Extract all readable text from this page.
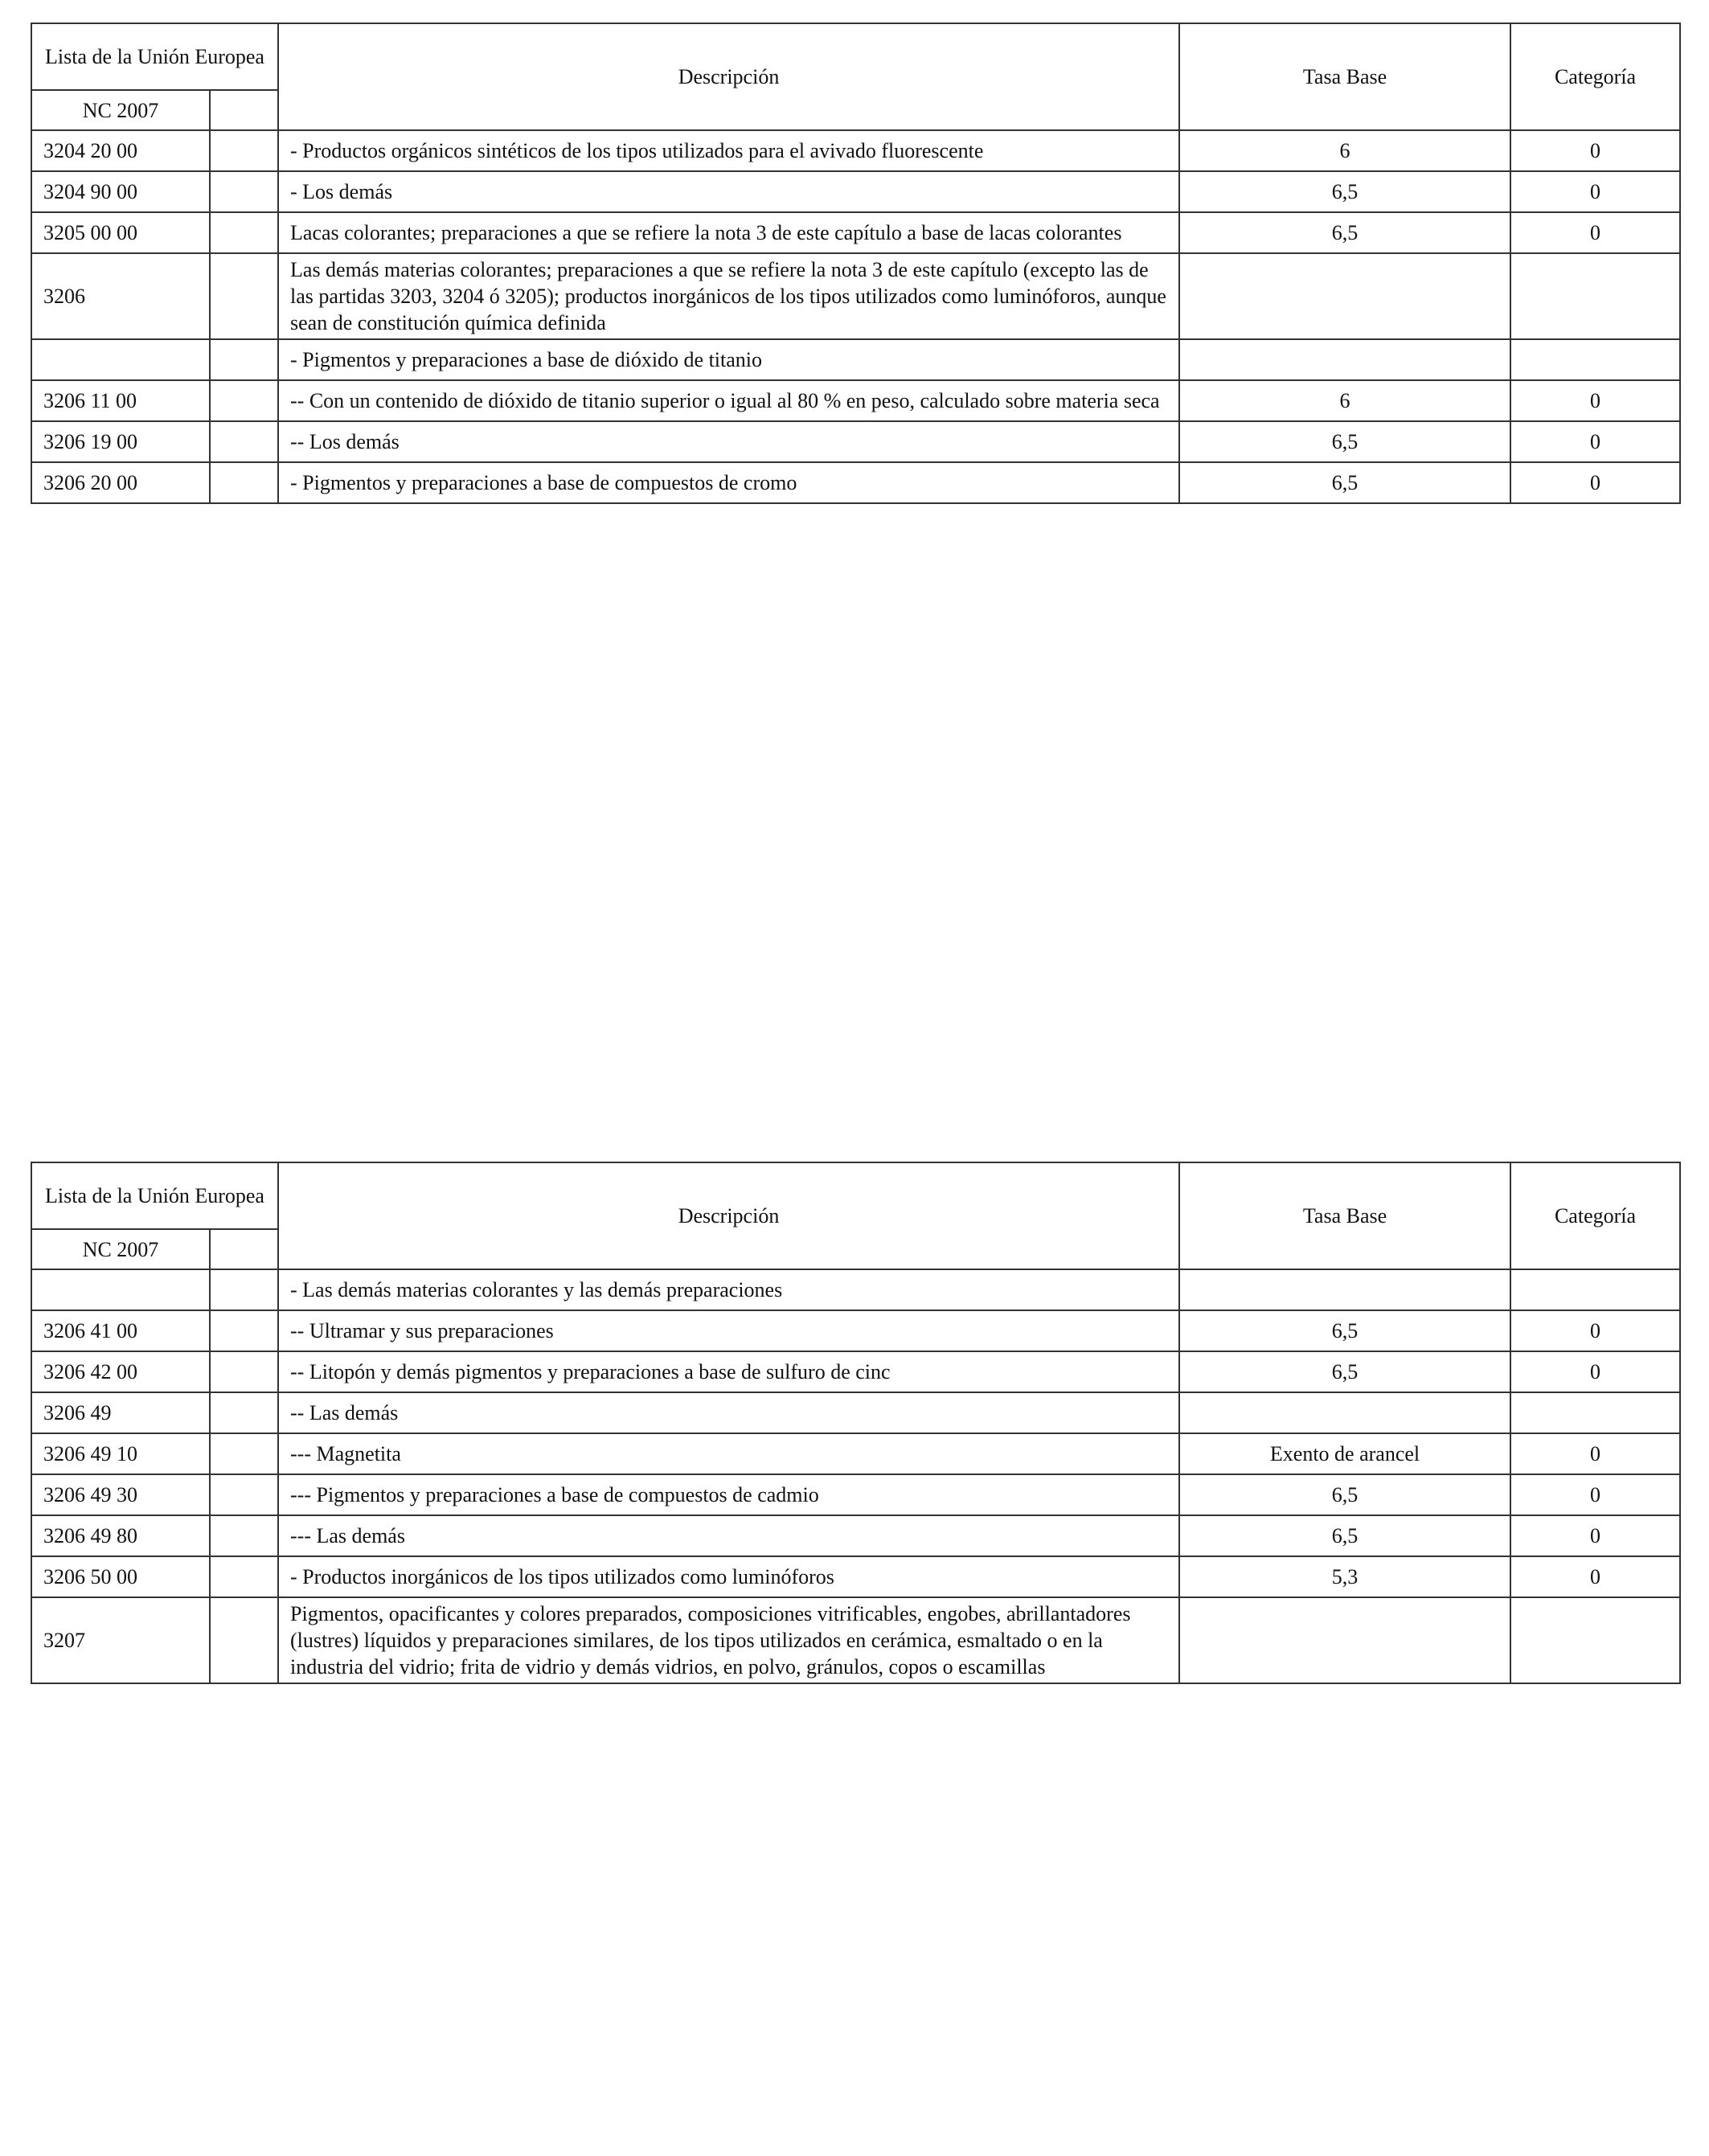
Lista de la Unión Europea		Descripción	Tasa Base	Categoría
NC 2007				
3204 20 00		- Productos orgánicos sintéticos de los tipos utilizados para el avivado fluorescente	6	0
3204 90 00		- Los demás	6,5	0
3205 00 00		Lacas colorantes; preparaciones a que se refiere la nota 3 de este capítulo a base de lacas colorantes	6,5	0
3206		Las demás materias colorantes; preparaciones a que se refiere la nota 3 de este capítulo (excepto las de las partidas 3203, 3204 ó 3205); productos inorgánicos de los tipos utilizados como luminóforos, aunque sean de constitución química definida		
		- Pigmentos y preparaciones a base de dióxido de titanio		
3206 11 00		-- Con un contenido de dióxido de titanio superior o igual al 80 % en peso, calculado sobre materia seca	6	0
3206 19 00		-- Los demás	6,5	0
3206 20 00		- Pigmentos y preparaciones a base de compuestos de cromo	6,5	0
Lista de la Unión Europea		Descripción	Tasa Base	Categoría
NC 2007				
		- Las demás materias colorantes y las demás preparaciones		
3206 41 00		-- Ultramar y sus preparaciones	6,5	0
3206 42 00		-- Litopón y demás pigmentos y preparaciones a base de sulfuro de cinc	6,5	0
3206 49		-- Las demás		
3206 49 10		--- Magnetita	Exento de arancel	0
3206 49 30		--- Pigmentos y preparaciones a base de compuestos de cadmio	6,5	0
3206 49 80		--- Las demás	6,5	0
3206 50 00		- Productos inorgánicos de los tipos utilizados como luminóforos	5,3	0
3207		Pigmentos, opacificantes y colores preparados, composiciones vitrificables, engobes, abrillantadores (lustres) líquidos y preparaciones similares, de los tipos utilizados en cerámica, esmaltado o en la industria del vidrio; frita de vidrio y demás vidrios, en polvo, gránulos, copos o escamillas		
